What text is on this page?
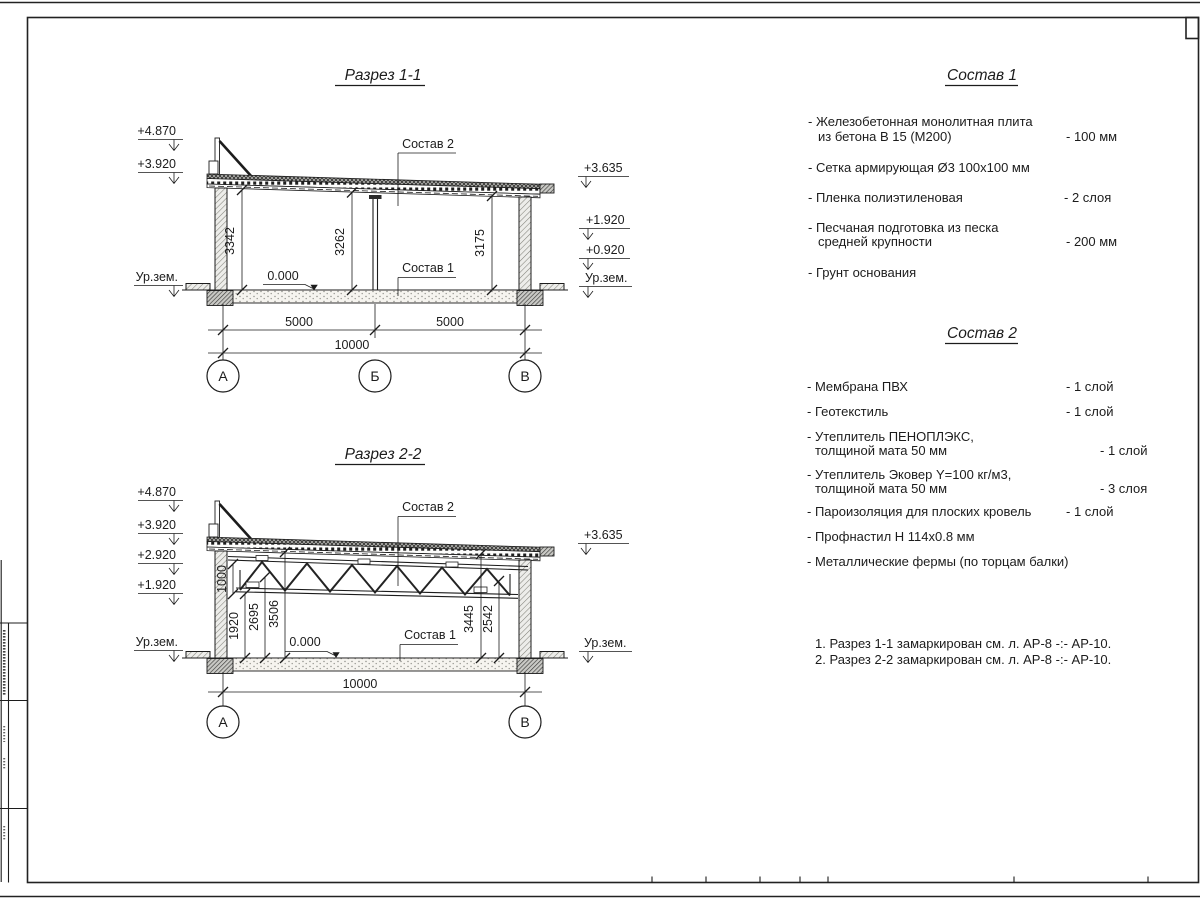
Разрез 1-1
+4.870
+3.920
Ур.зем.
+3.635
+1.920
+0.920
Ур.зем.
3342	3262	3175
0.000
Состав 2
Состав 1
5000	5000
10000
А	Б	В
Разрез 2-2
+4.870
+3.920
+2.920
+1.920
Ур.зем.
+3.635
Ур.зем.
1000
1920 2695 3506	3445 2542
0.000
Состав 2
Состав 1
10000
А	В
Состав 1
- Железобетонная монолитная плита
из бетона В 15 (М200)	- 100 мм
- Сетка армирующая Ø3 100х100 мм
- Пленка полиэтиленовая	- 2 слоя
- Песчаная подготовка из песка
средней крупности	- 200 мм
- Грунт основания
Состав 2
- Мембрана ПВХ	- 1 слой
- Геотекстиль	- 1 слой
- Утеплитель ПЕНОПЛЭКС,
толщиной мата 50 мм	- 1 слой
- Утеплитель Эковер Y=100 кг/м3,
толщиной мата 50 мм	- 3 слоя
- Пароизоляция для плоских кровель	- 1 слой
- Профнастил Н 114х0.8 мм
- Металлические фермы (по торцам балки)
1. Разрез 1-1 замаркирован см. л. АР-8 -:- АР-10.
2. Разрез 2-2 замаркирован см. л. АР-8 -:- АР-10.
